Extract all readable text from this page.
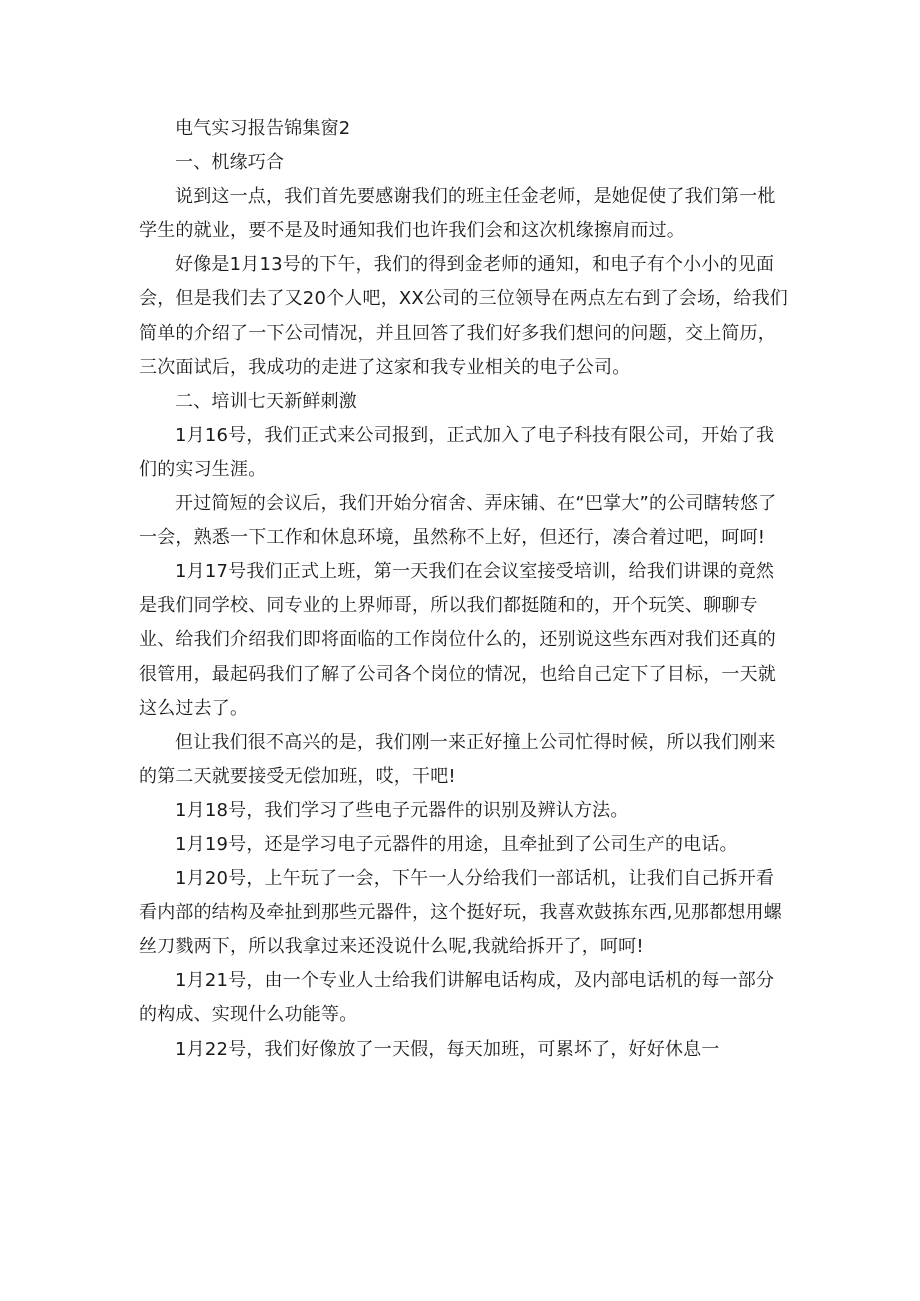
电气实习报告锦集窗2

一、机缘巧合

说到这一点，我们首先要感谢我们的班主任金老师，是她促使了我们第一枇学生的就业，要不是及时通知我们也许我们会和这次机缘擦肩而过。

好像是1月13号的下午，我们的得到金老师的通知，和电子有个小小的见面会，但是我们去了又20个人吧，XX公司的三位领导在两点左右到了会场，给我们简单的介绍了一下公司情况，并且回答了我们好多我们想问的问题，交上简历，三次面试后，我成功的走进了这家和我专业相关的电子公司。

二、培训七天新鲜刺激

1月16号，我们正式来公司报到，正式加入了电子科技有限公司，开始了我们的实习生涯。

开过简短的会议后，我们开始分宿舍、弄床铺、在“巴掌大”的公司瞎转悠了一会，熟悉一下工作和休息环境，虽然称不上好，但还行，凑合着过吧，呵呵!

1月17号我们正式上班，第一天我们在会议室接受培训，给我们讲课的竟然是我们同学校、同专业的上界师哥，所以我们都挺随和的，开个玩笑、聊聊专业、给我们介绍我们即将面临的工作岗位什么的，还别说这些东西对我们还真的很管用，最起码我们了解了公司各个岗位的情况，也给自己定下了目标，一天就这么过去了。

但让我们很不高兴的是，我们刚一来正好撞上公司忙得时候，所以我们刚来的第二天就要接受无偿加班，哎，干吧!

1月18号，我们学习了些电子元器件的识别及辨认方法。

1月19号，还是学习电子元器件的用途，且牵扯到了公司生产的电话。

1月20号，上午玩了一会，下午一人分给我们一部话机，让我们自己拆开看看内部的结构及牵扯到那些元器件，这个挺好玩，我喜欢鼓拣东西,见那都想用螺丝刀戮两下，所以我拿过来还没说什么呢,我就给拆开了，呵呵!

1月21号，由一个专业人士给我们讲解电话构成，及内部电话机的每一部分的构成、实现什么功能等。

1月22号，我们好像放了一天假，每天加班，可累坏了，好好休息一
